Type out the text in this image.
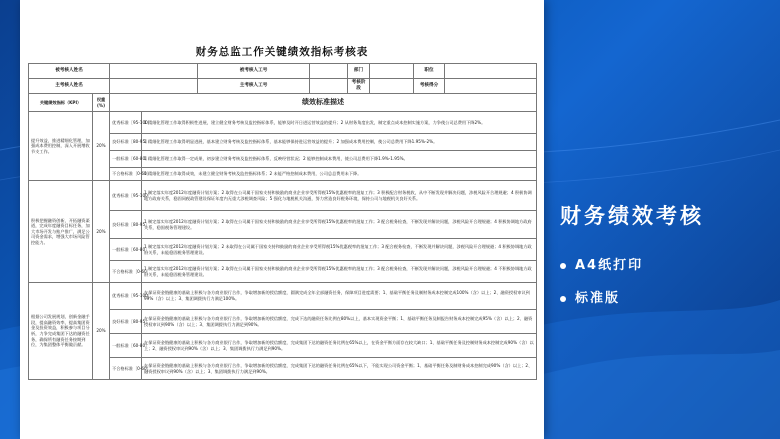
财务总监工作关键绩效指标考核表
被考核人姓名				被考核人工号		部门		职位	
主考核人姓名				主考核人工号		考核阶段		考核得分	
关键绩效指标（KPI）	权重(%)	绩效标准描述							
提升效益，推进精细化管理，加强成本费用控制，深入开展增收节支工作。	20%	优秀标准［95-100］	1 精细化管理工作取得积极性进展，建立健全财务考核及监控指标体系，能够及时开日进运营效益的提升；2 从财务角度出发，制定重点成本控制实施方案，力争使公司总费用下降2%。						
		良好标准［80-95］	1 精细化管理工作取得明显进展，基本建立财务考核及监控指标体系，基本能够保持进运营效益的提升；2 加强成本费用控制，使公司总费用下降1.95%-2%。						
		一般标准［60-80］	1 精细化管理工作取得一定成果，初步建立财务考核及监控指标体系，反映经营状况；2 能够控制成本费用，使公司总费用下降1.9%-1.95%。						
		不合格标准［0-60］	1 精细化管理工作取得成效，未建立健全财务考核及监控指标体系；2 未能严格控制成本费用，公司总总费用未下降。						
积极把握融资创新，开拓融资渠道，完成年度融资目标任务，加大市场开发与账户推广，满足公司资金需求，增强大市场风险管控能力。	20%	优秀标准［95-100］	1 制定落实年度2012年度融资计划方案；2 取得在公司属于国家支持和鼓励的商业企业享受所得税15%优惠税率的批复工作；3 积极配合财务税收，从中不断发现并解决问题，涉税风险开合理规避；4 积极协调地方政府关系，稳固同税政管建设保证年度内无重大涉税调查风险；5 强化与地税机关沟通，努力营造良好税务环境，保持公司与地税机关良好关系。						
		良好标准［80-95］	1 制定落实年度2012年度融资计划方案；2 取得在公司属于国家支持和鼓励的商业企业享受所得税15%优惠税率的批复工作；3 配合税务检查，不断发现并解决问题，涉税风险开合理规避；4 积极协调地方政府关系，稳固税务管理建设。						
		一般标准［60-80］	1 制定落实年度2012年度融资计划方案；2 未取得在公司属于国家支持和鼓励的商业企业享受所得税15%优惠税率的批复工作；3 配合税务检查，不断发现并解决问题，涉税风险开合理规避；4 积极协调地方政府关系，未能稳固税务管理建设。						
		不合格标准［0-60］	1 制定落实年度2012年度融资计划方案；2 取得在公司属于国家支持和鼓励的商业企业享受所得税15%优惠税率的批复工作；3 配合税务检查，不断发现并解决问题，涉税风险开合理规避；4 不积极协调地方政府关系，未能稳固税务管理建设。						
根据公司发展规划，创新金融手段，提高融资效率，提高集团资金及投资效益，积极参与项目分析，力争完成集团下达的融资任务，确保所有融资任务按期到位，为集团整体平衡做贡献。	20%	优秀标准［95-100］	在保证资金链健康的基础上积极与各方商业银行合作，争取增加新的授信额度，圆满完成全年全部融资任务，保障项目进度需要；1、基础平衡任务及制财务成本控制完成100%（含）以上；2、融资授权审议到99%（含）以上；3、集团调拨执行力满足100%。						
		良好标准［80-95］	在保证资金链健康的基础上积极与各方商业银行合作，争取增加新的授信额度，完成下达的融资任务比例在80%以上，基本实现资金平衡；1、基础平衡任务及制报告财务成本控制完成95%（含）以上；2、融资授权审议到90%（含）以上；3、集团调拨执行力满足到90%。						
		一般标准［60-80］	在保证资金链健康的基础上积极与各方商业银行合作，争取增加新的授信额度，完成集团下达的融资任务比例在65%以上，在资金平衡方面存在较大缺口；1、基础平衡任务及控制财务成本控制完成90%（含）以上；2、融资授权审议到90%（含）以上；3、集团调拨执行力满足到90%。						
		不合格标准［0-60］	在保证资金链健康的基础上积极与各方商业银行合作，争取增加新的授信额度，完成集团下达的融资任务比例在65%以下，不能实现公司资金平衡；1、基础平衡任务及制财务成本控制完成90%（含）以上；2、融资授权审议到90%（含）以上；3、集团调拨执行力满足到90%。						
财务绩效考核
A4纸打印
标准版
